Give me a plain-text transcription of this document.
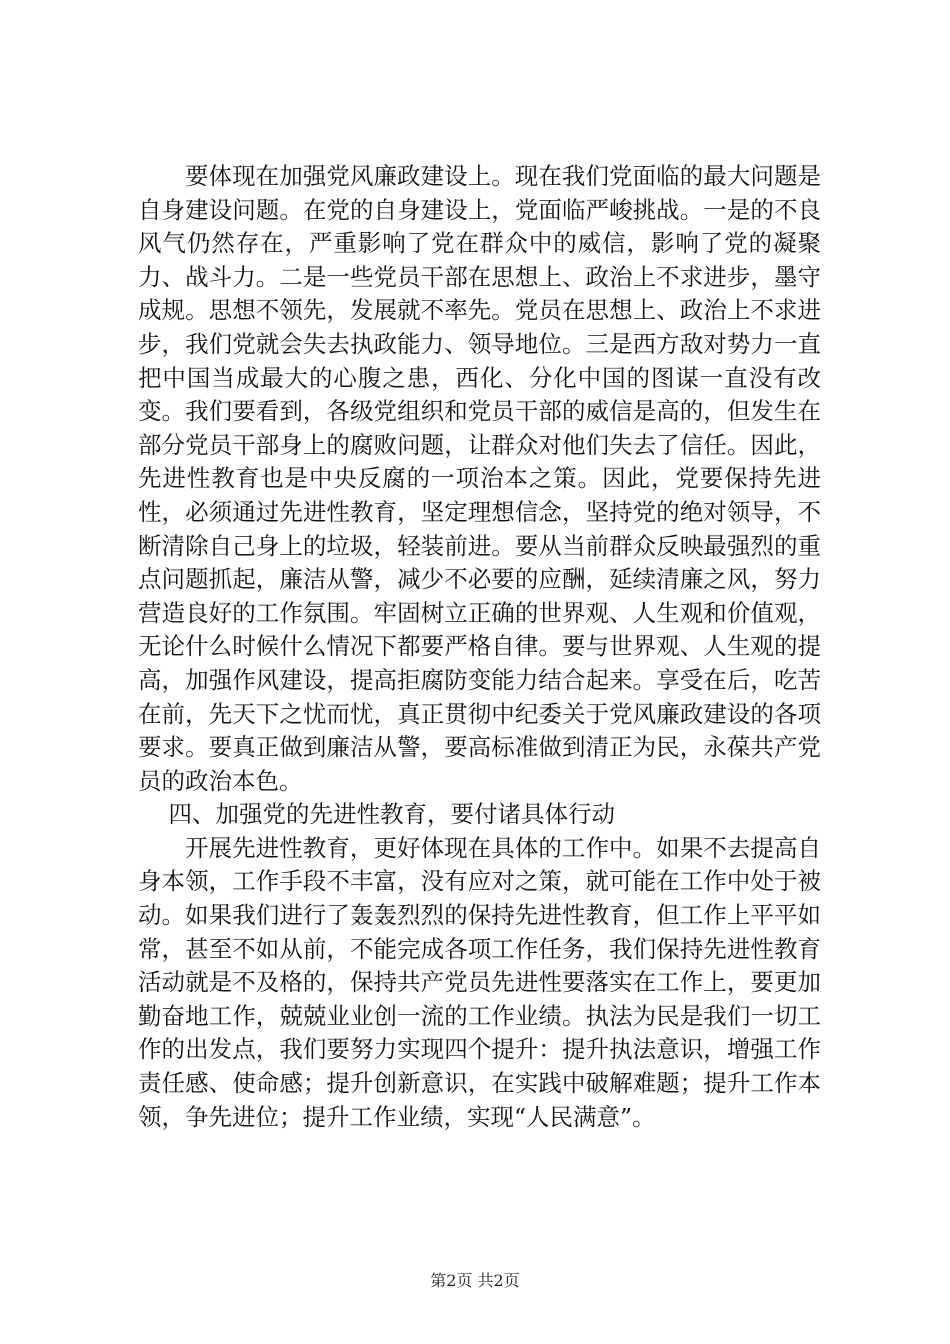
要体现在加强党风廉政建设上。现在我们党面临的最大问题是自身建设问题。在党的自身建设上，党面临严峻挑战。一是的不良风气仍然存在，严重影响了党在群众中的威信，影响了党的凝聚力、战斗力。二是一些党员干部在思想上、政治上不求进步，墨守成规。思想不领先，发展就不率先。党员在思想上、政治上不求进步，我们党就会失去执政能力、领导地位。三是西方敌对势力一直把中国当成最大的心腹之患，西化、分化中国的图谋一直没有改变。我们要看到，各级党组织和党员干部的威信是高的，但发生在部分党员干部身上的腐败问题，让群众对他们失去了信任。因此，先进性教育也是中央反腐的一项治本之策。因此，党要保持先进性，必须通过先进性教育，坚定理想信念，坚持党的绝对领导，不断清除自己身上的垃圾，轻装前进。要从当前群众反映最强烈的重点问题抓起，廉洁从警，减少不必要的应酬，延续清廉之风，努力营造良好的工作氛围。牢固树立正确的世界观、人生观和价值观，无论什么时候什么情况下都要严格自律。要与世界观、人生观的提高，加强作风建设，提高拒腐防变能力结合起来。享受在后，吃苦在前，先天下之忧而忧，真正贯彻中纪委关于党风廉政建设的各项要求。要真正做到廉洁从警，要高标准做到清正为民，永葆共产党员的政治本色。

四、加强党的先进性教育，要付诸具体行动

开展先进性教育，更好体现在具体的工作中。如果不去提高自身本领，工作手段不丰富，没有应对之策，就可能在工作中处于被动。如果我们进行了轰轰烈烈的保持先进性教育，但工作上平平如常，甚至不如从前，不能完成各项工作任务，我们保持先进性教育活动就是不及格的，保持共产党员先进性要落实在工作上，要更加勤奋地工作，兢兢业业创一流的工作业绩。执法为民是我们一切工作的出发点，我们要努力实现四个提升：提升执法意识，增强工作责任感、使命感；提升创新意识，在实践中破解难题；提升工作本领，争先进位；提升工作业绩，实现“人民满意”。

第2页 共2页
